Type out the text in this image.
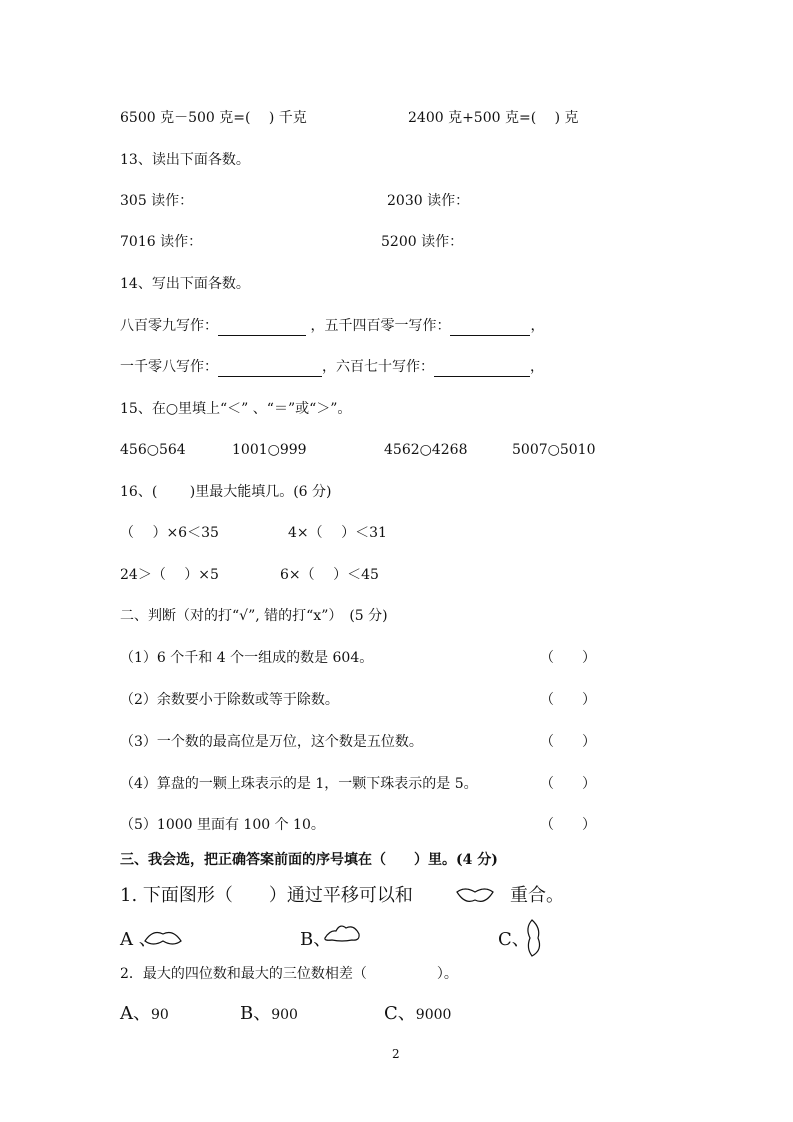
6500 克－500 克=(　 ) 千克	2400 克+500 克=(　 ) 克
13、读出下面各数。
305 读作：	2030 读作：
7016 读作：	5200 读作：
14、写出下面各数。
八百零九写作：	，五千四百零一写作：	，
一千零八写作：	，六百七十写作：	，
15、在○里填上“＜” 、“＝”或“＞”。
456○564	1001○999	4562○4268	5007○5010
16、(　　 )里最大能填几。(6 分)
（　 ）×6＜35	4×（　 ）＜31
24＞（　 ）×5	6×（　 ）＜45
二、判断（对的打“√”, 错的打“x”）　(5 分)
（1）6 个千和 4 个一组成的数是 604。	（　　）
（2）余数要小于除数或等于除数。	（　　）
（3）一个数的最高位是万位，这个数是五位数。	（　　）
（4）算盘的一颗上珠表示的是 1，一颗下珠表示的是 5。	（　　）
（5）1000 里面有 100 个 10。	（　　）
三、我会选，把正确答案前面的序号填在（　　）里。(4 分)
1. 下面图形（　　）通过平移可以和	重合。
A 、	B、	C、
2．最大的四位数和最大的三位数相差（　　　　　）。
A、90	B、900	C、9000
2
